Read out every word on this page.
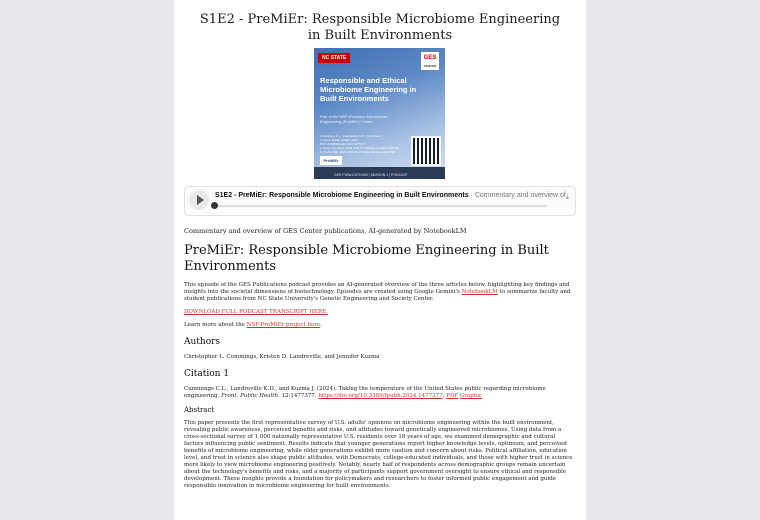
S1E2 - PreMiEr: Responsible Microbiome Engineering in Built Environments
NC STATE	GES
CENTER
Responsible and Ethical Microbiome Engineering in Built Environments
Part of the NSF-Precision Microbiome Engineering (PreMiEr) Center
Cummings, C.L., Landreville, K.D., & Kuzma, J.
1. Front. Public Health, 2024, DOI:10.3389/fpubh.2024.1477377
2. Front. Genetics, 2023, DOI:10.3389/fgene.2023.1096081
3. PLoS ONE, 2023, DOI:10.1371/journal.pone.0281792
PreMiEr
GES PUBLICATIONS | SEASON 1 | PODCAST
S1E2 - PreMiEr: Responsible Microbiome Engineering in Built Environments · Commentary and overview of ⤓

Commentary and overview of GES Center publications, AI-generated by NotebookLM

PreMiEr: Responsible Microbiome Engineering in Built Environments

This episode of the GES Publications podcast provides an AI-generated overview of the three articles below, highlighting key findings and insights into the societal dimensions of biotechnology. Episodes are created using Google Gemini's NotebookLM to summarize faculty and student publications from NC State University's Genetic Engineering and Society Center.

DOWNLOAD FULL PODCAST TRANSCRIPT HERE.

Learn more about the NSF-PreMiEr project here.

Authors

Christopher L. Cummings, Kristen D. Landreville, and Jennifer Kuzma

Citation 1

Cummings C.L., Landreville K.D., and Kuzma J. (2024). Taking the temperature of the United States public regarding microbiome engineering. Front. Public Health. 12:1477377. https://doi.org/10.3389/fpubh.2024.1477377. PDF Graphic

Abstract

This paper presents the first representative survey of U.S. adults' opinions on microbiome engineering within the built environment, revealing public awareness, perceived benefits and risks, and attitudes toward genetically engineered microbiomes. Using data from a cross-sectional survey of 1,000 nationally representative U.S. residents over 18 years of age, we examined demographic and cultural factors influencing public sentiment. Results indicate that younger generations report higher knowledge levels, optimism, and perceived benefits of microbiome engineering, while older generations exhibit more caution and concern about risks. Political affiliation, education level, and trust in science also shape public attitudes, with Democrats, college-educated individuals, and those with higher trust in science more likely to view microbiome engineering positively. Notably, nearly half of respondents across demographic groups remain uncertain about the technology's benefits and risks, and a majority of participants support government oversight to ensure ethical and responsible development. These insights provide a foundation for policymakers and researchers to foster informed public engagement and guide responsible innovation in microbiome engineering for built environments.
